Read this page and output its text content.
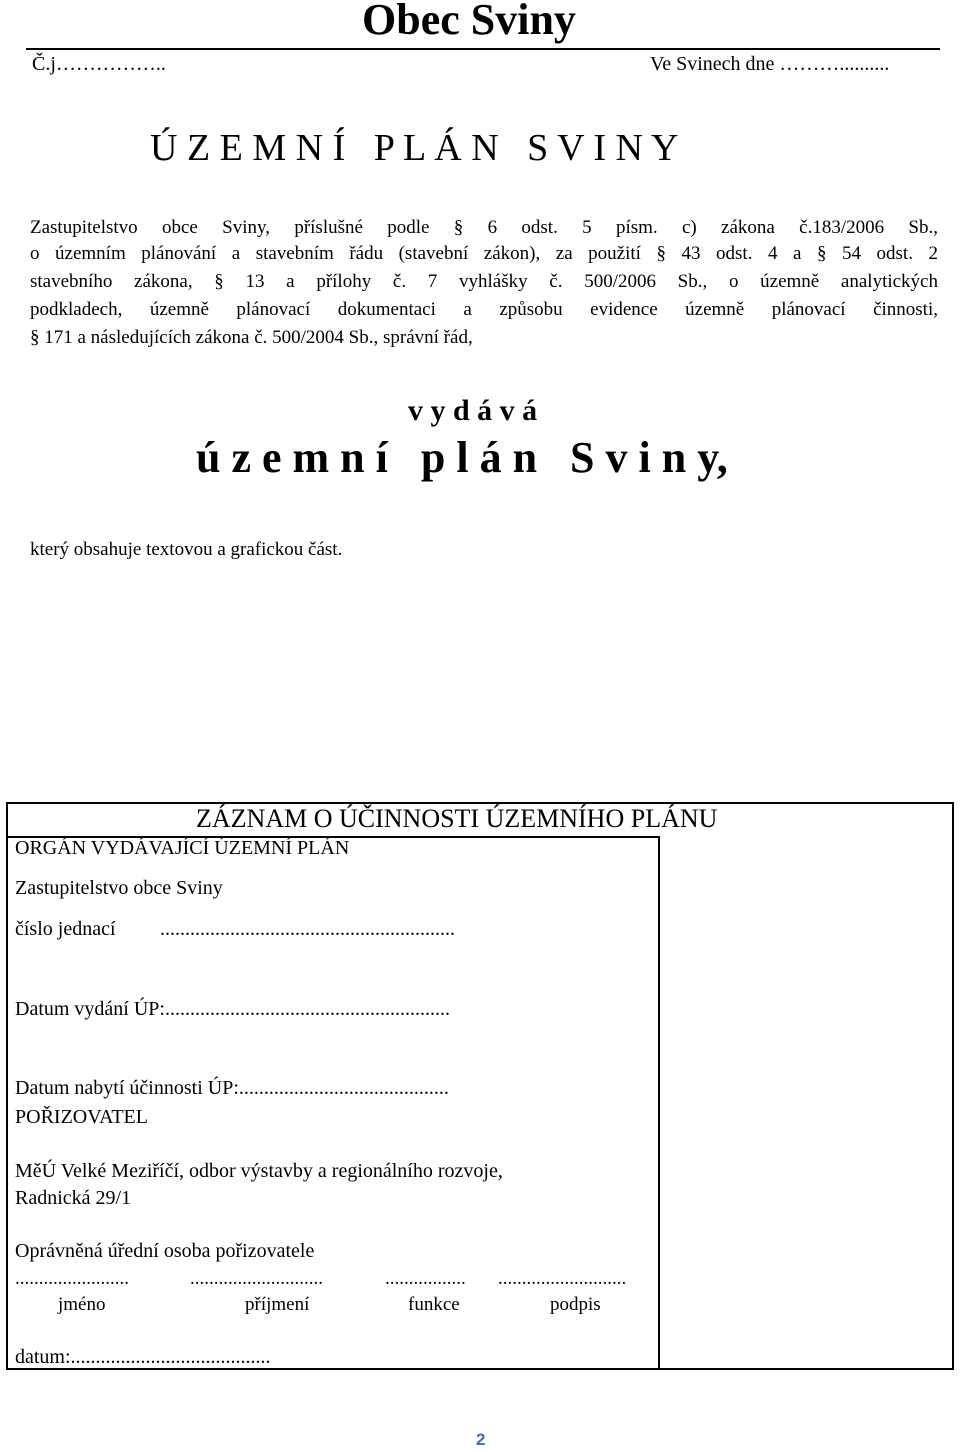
Obec Sviny
Č.j……………..	Ve Svinech dne ………..........
Ú Z E M N Í   P L Á N   S V I N Y
Zastupitelstvo obce Sviny, příslušné podle § 6 odst. 5 písm. c) zákona č.183/2006 Sb.,
o územním plánování a stavebním řádu (stavební zákon), za použití § 43 odst. 4 a § 54 odst. 2
stavebního zákona, § 13 a přílohy č. 7 vyhlášky č. 500/2006 Sb., o územně analytických
podkladech, územně plánovací dokumentaci a způsobu evidence územně plánovací činnosti,
§ 171 a následujících zákona č. 500/2004 Sb., správní řád,
v y d á v á
ú z e m n í   p l á n   S v i n y,
který obsahuje textovou a grafickou část.
ZÁZNAM O ÚČINNOSTI ÚZEMNÍHO PLÁNU
ORGÁN VYDÁVAJÍCÍ ÚZEMNÍ PLÁN
Zastupitelstvo obce Sviny
číslo jednací ...........................................................
Datum vydání ÚP:.........................................................
Datum nabytí účinnosti ÚP:..........................................
POŘIZOVATEL
MěÚ Velké Meziříčí, odbor výstavby a regionálního rozvoje,
Radnická 29/1
Oprávněná úřední osoba pořizovatele
........................	............................	................. ...........................
jméno	příjmení	funkce	podpis
datum:........................................
2
